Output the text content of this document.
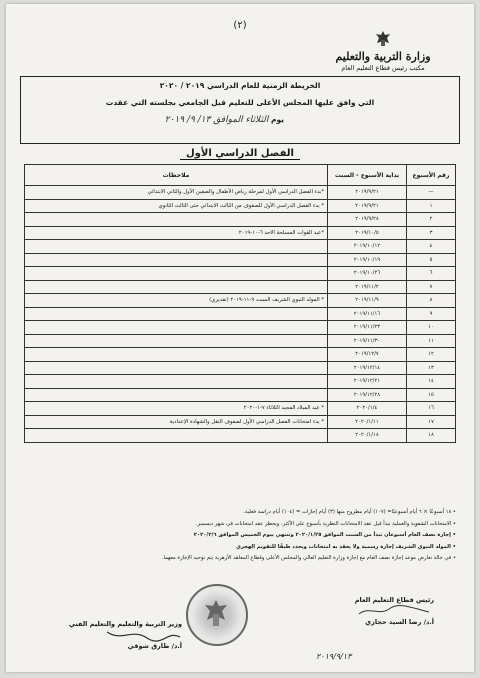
(٢)
وزارة التربية والتعليم
مكتب رئيس قطاع التعليم العام
الخريطة الزمنية للعام الدراسي ٢٠١٩ / ٢٠٢٠
التي وافق عليها المجلس الأعلى للتعليم قبل الجامعي بجلسته التي عقدت
يوم الثلاثاء الموافق ١٣/ ٩/ ٢٠١٩
الفصل الدراسي الأول
رقم الأسبوع	بداية الأسبوع - السبت	ملاحظات
—	٢٠١٩/٩/٢١	*بدء الفصل الدراسي الأول لمرحلة رياض الأطفال والصفين الأول والثاني الابتدائي
١	٢٠١٩/٩/٢١	* بدء الفصل الدراسي الأول للصفوف من الثالث الابتدائي حتى الثالث الثانوي
٢	٢٠١٩/٩/٢٨	
٣	٢٠١٩/١٠/٥	*عيد القوات المسلحة الاحد ٦-١٠-٢٠١٩
٤	٢٠١٩/١٠/١٢	
٥	٢٠١٩/١٠/١٩	
٦	٢٠١٩/١٠/٢٦	
٧	٢٠١٩/١١/٢	
٨	٢٠١٩/١١/٩	* المولد النبوي الشريف السبت ٩-١١-٢٠١٩ (تقديري)
٩	٢٠١٩/١١/١٦	
١٠	٢٠١٩/١١/٢٣	
١١	٢٠١٩/١١/٣٠	
١٢	٢٠١٩/١٢/٧	
١٣	٢٠١٩/١٢/١٤	
١٤	٢٠١٩/١٢/٢١	
١٥	٢٠١٩/١٢/٢٨	
١٦	٢٠٢٠/١/٤	* عيد الميلاد المجيد الثلاثاء ٧-١-٢٠٢٠
١٧	٢٠٢٠/١/١١	* بدء امتحانات الفصل الدراسي الأول لصفوف النقل والشهادة الإعدادية
١٨	٢٠٢٠/١/١٨	
• ١٨ أسبوعًا × ٦ أيام أسبوعيًا= (١٠٧) أيام مطروح منها (٣) أيام إجازات = (١٠٤) أيام دراسة فعلية.
• الامتحانات الشفوية والعملية تبدأ قبل عقد الامتحانات النظرية بأسبوع على الأكثر، ويحظر عقد امتحانات في شهر ديسمبر.
• إجازة نصف العام أسبوعان تبدأ من السبت الموافق ٢٠٢٠/١/٢٥ وتنتهي بيوم الخميس الموافق ٢٠٢٠/٢/٦
• المولد النبوي الشريف إجازة رسمية ولا يعقد به امتحانات ويحدد طبقًا للتقويم الهجري
• في حالة تعارض موعد إجازة نصف العام مع إجازة وزارة التعليم العالي والمجلس الأعلى وقطاع المعاهد الأزهرية يتم توحيد الإجازة معهما.
رئيس قطاع التعليم العام
أ.د/ رضا السيد حجازي
وزير التربية والتعليم والتعليم الفني
أ.د/ طارق شوقي
٢٠١٩/٩/١٣
